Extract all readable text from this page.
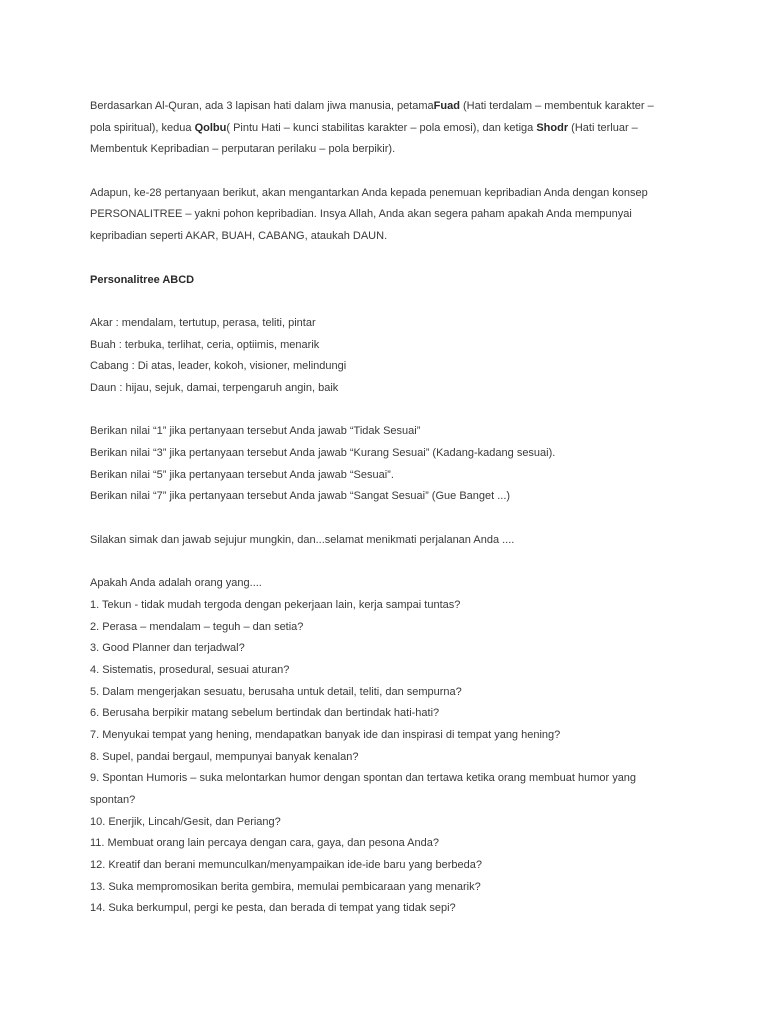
Berdasarkan Al-Quran, ada 3 lapisan hati dalam jiwa manusia, petamaFuad (Hati terdalam – membentuk karakter –
pola spiritual), kedua Qolbu( Pintu Hati – kunci stabilitas karakter – pola emosi), dan ketiga Shodr (Hati terluar –
Membentuk Kepribadian – perputaran perilaku – pola berpikir).
Adapun, ke-28 pertanyaan berikut, akan mengantarkan Anda kepada penemuan kepribadian Anda dengan konsep
PERSONALITREE – yakni pohon kepribadian. Insya Allah, Anda akan segera paham apakah Anda mempunyai
kepribadian seperti AKAR, BUAH, CABANG, ataukah DAUN.
Personalitree ABCD
Akar : mendalam, tertutup, perasa, teliti, pintar
Buah : terbuka, terlihat, ceria, optiimis, menarik
Cabang : Di atas, leader, kokoh, visioner, melindungi
Daun : hijau, sejuk, damai, terpengaruh angin, baik
Berikan nilai “1” jika pertanyaan tersebut Anda jawab “Tidak Sesuai”
Berikan nilai “3” jika pertanyaan tersebut Anda jawab “Kurang Sesuai” (Kadang-kadang sesuai).
Berikan nilai “5” jika pertanyaan tersebut Anda jawab “Sesuai”.
Berikan nilai “7” jika pertanyaan tersebut Anda jawab “Sangat Sesuai” (Gue Banget ...)
Silakan simak dan jawab sejujur mungkin, dan...selamat menikmati perjalanan Anda ....
Apakah Anda adalah orang yang....
1. Tekun - tidak mudah tergoda dengan pekerjaan lain, kerja sampai tuntas?
2. Perasa – mendalam – teguh – dan setia?
3. Good Planner dan terjadwal?
4. Sistematis, prosedural, sesuai aturan?
5. Dalam mengerjakan sesuatu, berusaha untuk detail, teliti, dan sempurna?
6. Berusaha berpikir matang sebelum bertindak dan bertindak hati-hati?
7. Menyukai tempat yang hening, mendapatkan banyak ide dan inspirasi di tempat yang hening?
8. Supel, pandai bergaul, mempunyai banyak kenalan?
9. Spontan Humoris – suka melontarkan humor dengan spontan dan tertawa ketika orang membuat humor yang
spontan?
10. Enerjik, Lincah/Gesit, dan Periang?
11. Membuat orang lain percaya dengan cara, gaya, dan pesona Anda?
12. Kreatif dan berani memunculkan/menyampaikan ide-ide baru yang berbeda?
13. Suka mempromosikan berita gembira, memulai pembicaraan yang menarik?
14. Suka berkumpul, pergi ke pesta, dan berada di tempat yang tidak sepi?
